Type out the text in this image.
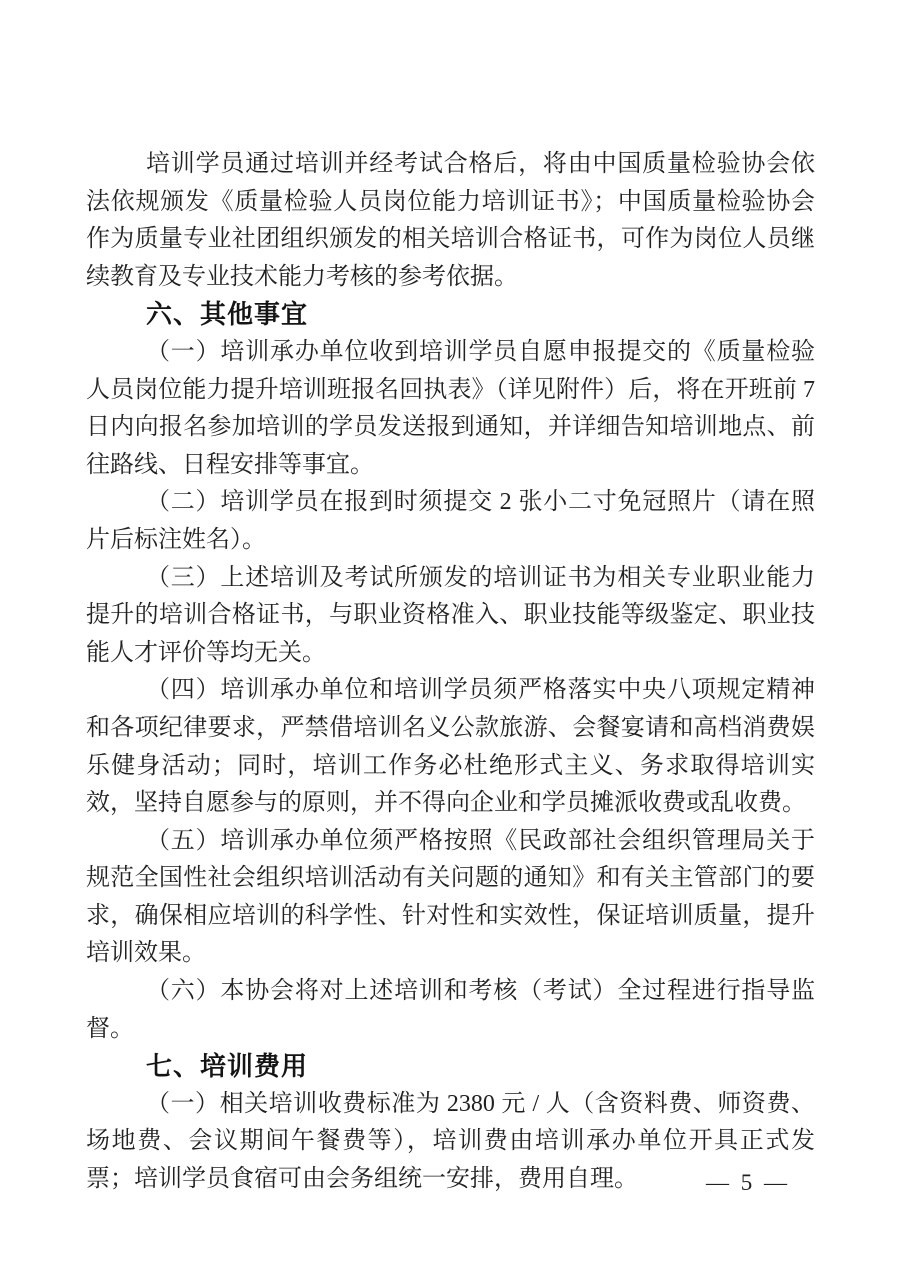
培训学员通过培训并经考试合格后，将由中国质量检验协会依法依规颁发《质量检验人员岗位能力培训证书》；中国质量检验协会作为质量专业社团组织颁发的相关培训合格证书，可作为岗位人员继续教育及专业技术能力考核的参考依据。

六、其他事宜

（一）培训承办单位收到培训学员自愿申报提交的《质量检验人员岗位能力提升培训班报名回执表》（详见附件）后，将在开班前 7 日内向报名参加培训的学员发送报到通知，并详细告知培训地点、前往路线、日程安排等事宜。

（二）培训学员在报到时须提交 2 张小二寸免冠照片（请在照片后标注姓名）。

（三）上述培训及考试所颁发的培训证书为相关专业职业能力提升的培训合格证书，与职业资格准入、职业技能等级鉴定、职业技能人才评价等均无关。

（四）培训承办单位和培训学员须严格落实中央八项规定精神和各项纪律要求，严禁借培训名义公款旅游、会餐宴请和高档消费娱乐健身活动；同时，培训工作务必杜绝形式主义、务求取得培训实效，坚持自愿参与的原则，并不得向企业和学员摊派收费或乱收费。

（五）培训承办单位须严格按照《民政部社会组织管理局关于规范全国性社会组织培训活动有关问题的通知》和有关主管部门的要求，确保相应培训的科学性、针对性和实效性，保证培训质量，提升培训效果。

（六）本协会将对上述培训和考核（考试）全过程进行指导监督。

七、培训费用

（一）相关培训收费标准为 2380 元 / 人（含资料费、师资费、场地费、会议期间午餐费等），培训费由培训承办单位开具正式发票；培训学员食宿可由会务组统一安排，费用自理。	— 5 —
